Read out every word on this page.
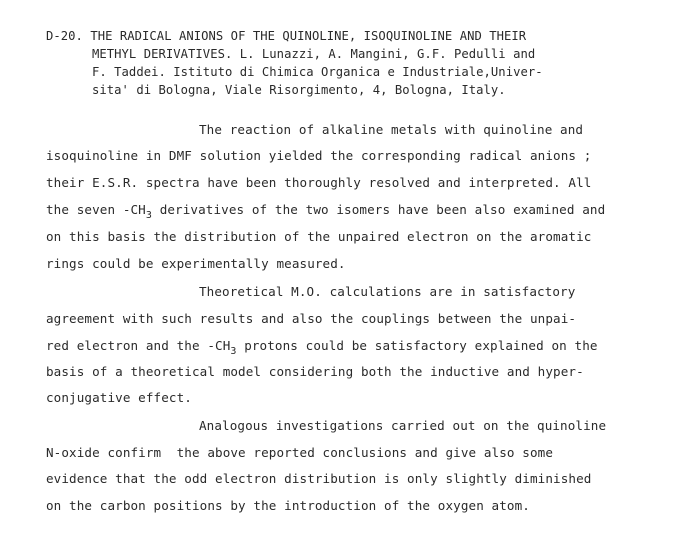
D-20. THE RADICAL ANIONS OF THE QUINOLINE, ISOQUINOLINE AND THEIR
METHYL DERIVATIVES. L. Lunazzi, A. Mangini, G.F. Pedulli and
F. Taddei. Istituto di Chimica Organica e Industriale,Univer-
sita' di Bologna, Viale Risorgimento, 4, Bologna, Italy.
The reaction of alkaline metals with quinoline and
isoquinoline in DMF solution yielded the corresponding radical anions ;
their E.S.R. spectra have been thoroughly resolved and interpreted. All
the seven $-CH_3$ derivatives of the two isomers have been also examined and
on this basis the distribution of the unpaired electron on the aromatic
rings could be experimentally measured.
Theoretical M.O. calculations are in satisfactory
agreement with such results and also the couplings between the unpai-
red electron and the $-CH_3$ protons could be satisfactory explained on the
basis of a theoretical model considering both the inductive and hyper-
conjugative effect.
Analogous investigations carried out on the quinoline
N-oxide confirm  the above reported conclusions and give also some
evidence that the odd electron distribution is only slightly diminished
on the carbon positions by the introduction of the oxygen atom.
